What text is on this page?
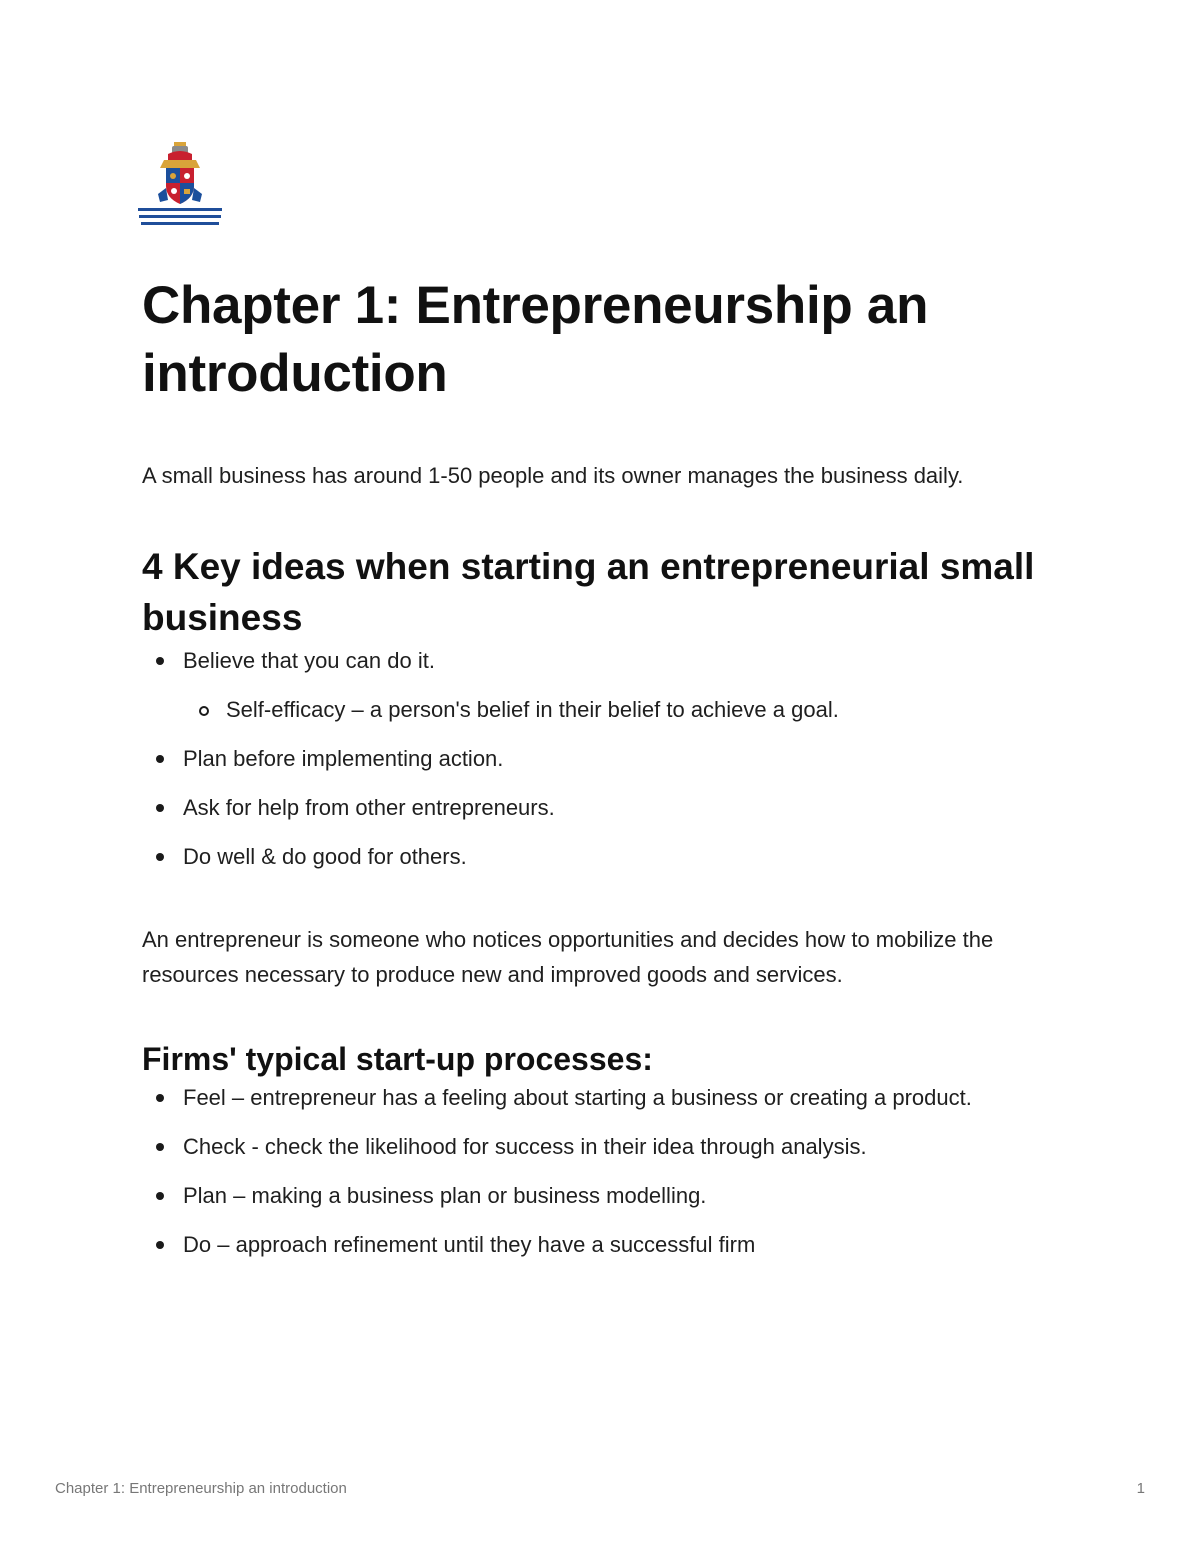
Chapter 1: Entrepreneurship an introduction

A small business has around 1-50 people and its owner manages the business daily.

4 Key ideas when starting an entrepreneurial small business
Believe that you can do it.
Self-efficacy – a person's belief in their belief to achieve a goal.
Plan before implementing action.
Ask for help from other entrepreneurs.
Do well & do good for others.

An entrepreneur is someone who notices opportunities and decides how to mobilize the resources necessary to produce new and improved goods and services.

Firms' typical start-up processes:
Feel – entrepreneur has a feeling about starting a business or creating a product.
Check - check the likelihood for success in their idea through analysis.
Plan – making a business plan or business modelling.
Do – approach refinement until they have a successful firm
Chapter 1: Entrepreneurship an introduction	1
